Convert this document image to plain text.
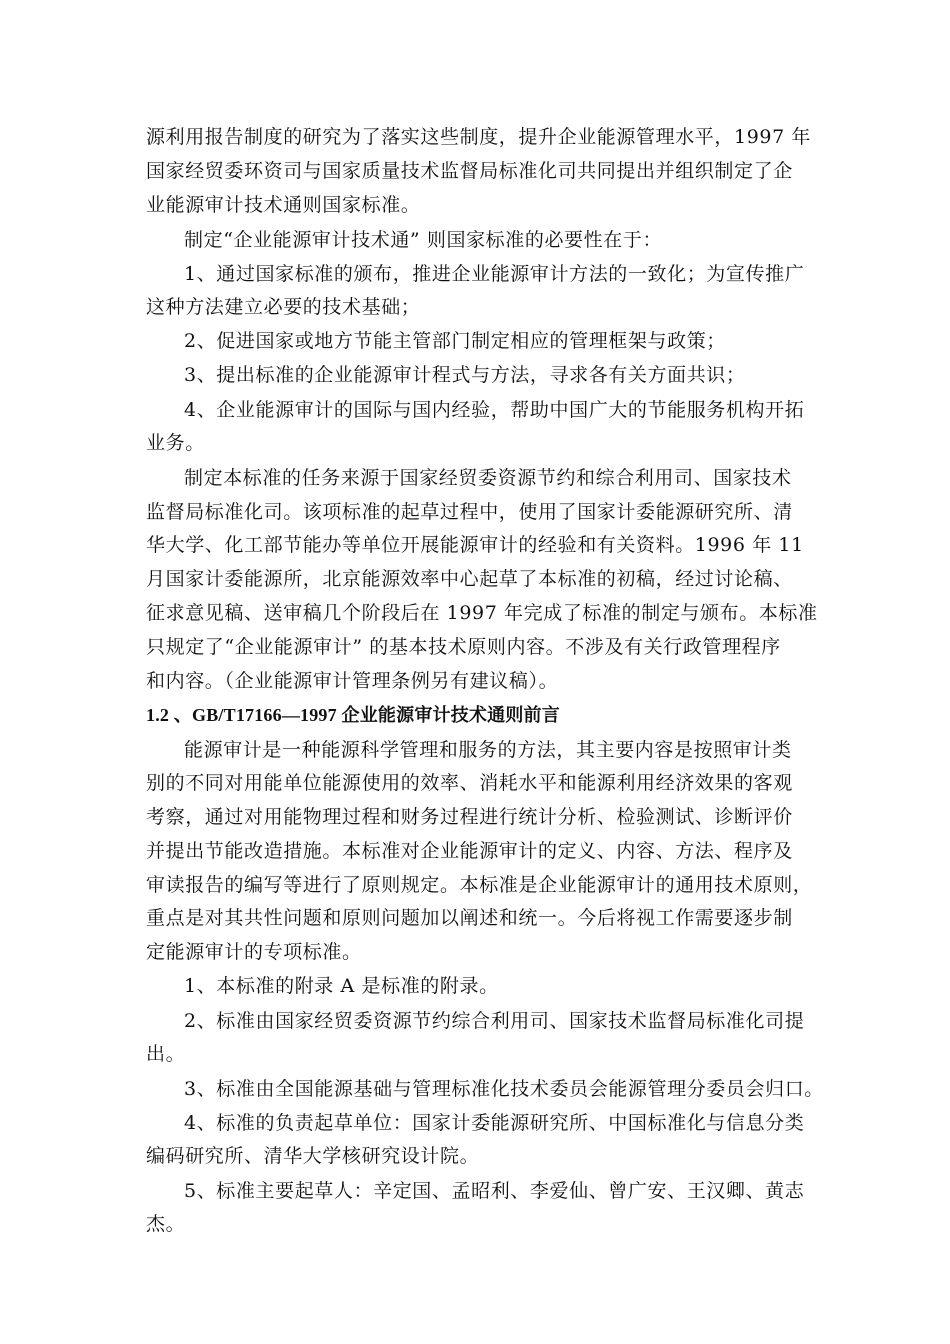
源利用报告制度的研究为了落实这些制度，提升企业能源管理水平，1997 年
国家经贸委环资司与国家质量技术监督局标准化司共同提出并组织制定了企
业能源审计技术通则国家标准。
制定“企业能源审计技术通” 则国家标准的必要性在于：
1、通过国家标准的颁布，推进企业能源审计方法的一致化；为宣传推广
这种方法建立必要的技术基础；
2、促进国家或地方节能主管部门制定相应的管理框架与政策；
3、提出标准的企业能源审计程式与方法，寻求各有关方面共识；
4、企业能源审计的国际与国内经验，帮助中国广大的节能服务机构开拓
业务。
制定本标准的任务来源于国家经贸委资源节约和综合利用司、国家技术
监督局标准化司。该项标准的起草过程中，使用了国家计委能源研究所、清
华大学、化工部节能办等单位开展能源审计的经验和有关资料。1996 年 11
月国家计委能源所，北京能源效率中心起草了本标准的初稿，经过讨论稿、
征求意见稿、送审稿几个阶段后在 1997 年完成了标准的制定与颁布。本标准
只规定了“企业能源审计” 的基本技术原则内容。不涉及有关行政管理程序
和内容。（企业能源审计管理条例另有建议稿）。
1.2 、GB/T17166—1997 企业能源审计技术通则前言
能源审计是一种能源科学管理和服务的方法，其主要内容是按照审计类
别的不同对用能单位能源使用的效率、消耗水平和能源利用经济效果的客观
考察，通过对用能物理过程和财务过程进行统计分析、检验测试、诊断评价
并提出节能改造措施。本标准对企业能源审计的定义、内容、方法、程序及
审读报告的编写等进行了原则规定。本标准是企业能源审计的通用技术原则，
重点是对其共性问题和原则问题加以阐述和统一。今后将视工作需要逐步制
定能源审计的专项标准。
1、本标准的附录 A 是标准的附录。
2、标准由国家经贸委资源节约综合利用司、国家技术监督局标准化司提
出。
3、标准由全国能源基础与管理标准化技术委员会能源管理分委员会归口。
4、标准的负责起草单位：国家计委能源研究所、中国标准化与信息分类
编码研究所、清华大学核研究设计院。
5、标准主要起草人：辛定国、孟昭利、李爱仙、曾广安、王汉卿、黄志
杰。
